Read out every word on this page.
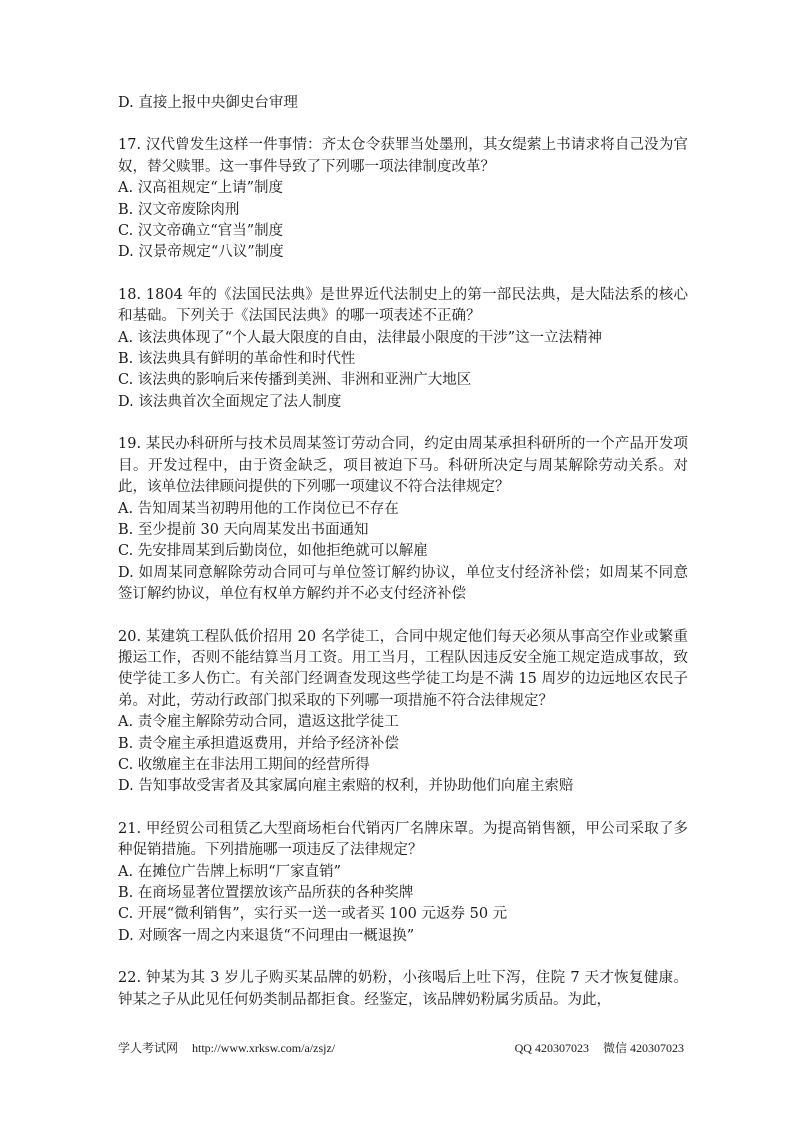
D. 直接上报中央御史台审理
17. 汉代曾发生这样一件事情：齐太仓令获罪当处墨刑，其女缇萦上书请求将自己没为官奴，替父赎罪。这一事件导致了下列哪一项法律制度改革？
A. 汉高祖规定“上请”制度
B. 汉文帝废除肉刑
C. 汉文帝确立“官当”制度
D. 汉景帝规定“八议”制度
18. 1804 年的《法国民法典》是世界近代法制史上的第一部民法典，是大陆法系的核心和基础。下列关于《法国民法典》的哪一项表述不正确？
A. 该法典体现了“个人最大限度的自由，法律最小限度的干涉”这一立法精神
B. 该法典具有鲜明的革命性和时代性
C. 该法典的影响后来传播到美洲、非洲和亚洲广大地区
D. 该法典首次全面规定了法人制度
19. 某民办科研所与技术员周某签订劳动合同，约定由周某承担科研所的一个产品开发项目。开发过程中，由于资金缺乏，项目被迫下马。科研所决定与周某解除劳动关系。对此，该单位法律顾问提供的下列哪一项建议不符合法律规定？
A. 告知周某当初聘用他的工作岗位已不存在
B. 至少提前 30 天向周某发出书面通知
C. 先安排周某到后勤岗位，如他拒绝就可以解雇
D. 如周某同意解除劳动合同可与单位签订解约协议，单位支付经济补偿；如周某不同意签订解约协议，单位有权单方解约并不必支付经济补偿
20. 某建筑工程队低价招用 20 名学徒工，合同中规定他们每天必须从事高空作业或繁重搬运工作，否则不能结算当月工资。用工当月，工程队因违反安全施工规定造成事故，致使学徒工多人伤亡。有关部门经调查发现这些学徒工均是不满 15 周岁的边远地区农民子弟。对此，劳动行政部门拟采取的下列哪一项措施不符合法律规定？
A. 责令雇主解除劳动合同，遣返这批学徒工
B. 责令雇主承担遣返费用，并给予经济补偿
C. 收缴雇主在非法用工期间的经营所得
D. 告知事故受害者及其家属向雇主索赔的权利，并协助他们向雇主索赔
21. 甲经贸公司租赁乙大型商场柜台代销丙厂名牌床罩。为提高销售额，甲公司采取了多种促销措施。下列措施哪一项违反了法律规定？
A. 在摊位广告牌上标明“厂家直销”
B. 在商场显著位置摆放该产品所获的各种奖牌
C. 开展“微利销售”，实行买一送一或者买 100 元返券 50 元
D. 对顾客一周之内来退货“不问理由一概退换”
22. 钟某为其 3 岁儿子购买某品牌的奶粉，小孩喝后上吐下泻，住院 7 天才恢复健康。钟某之子从此见任何奶类制品都拒食。经鉴定，该品牌奶粉属劣质品。为此，
学人考试网 http://www.xrksw.com/a/zsjz/	QQ 420307023 微信 420307023
